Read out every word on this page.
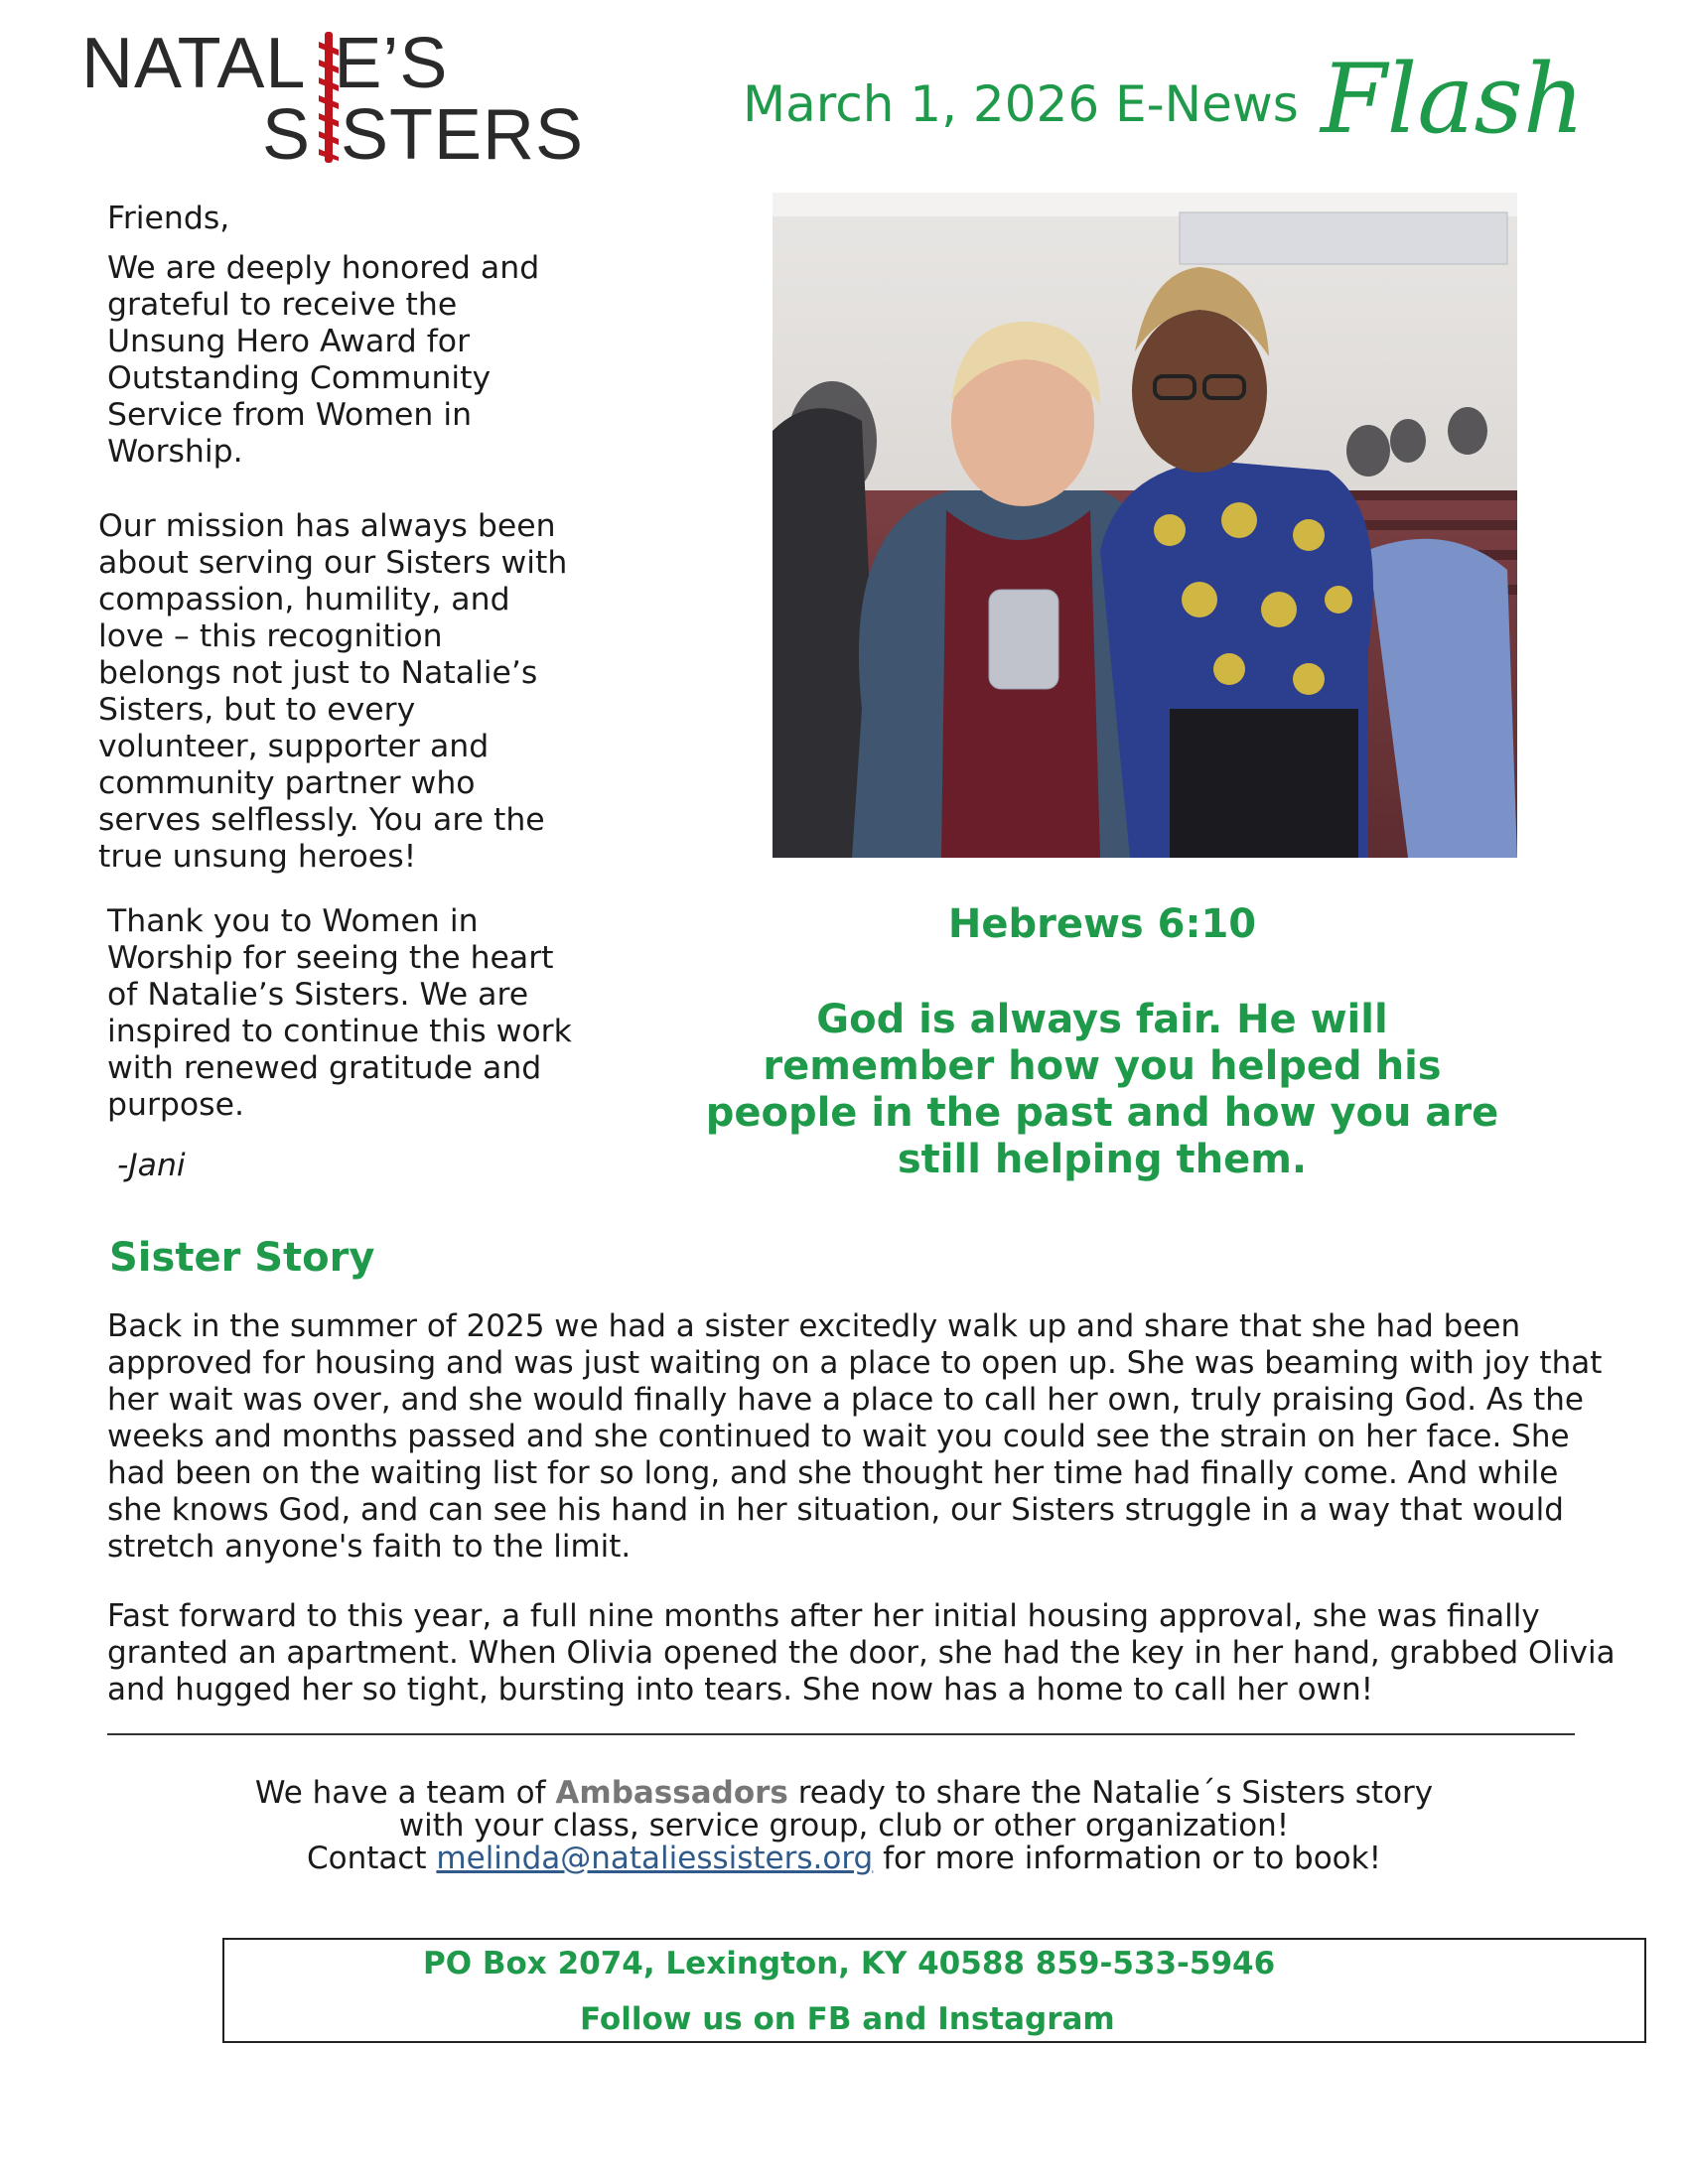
NATAL E’S
S STERS	March 1, 2026 E-News Flash
Friends,

We are deeply honored and grateful to receive the Unsung Hero Award for Outstanding Community Service from Women in Worship.

Our mission has always been about serving our Sisters with compassion, humility, and love – this recognition belongs not just to Natalie’s Sisters, but to every volunteer, supporter and community partner who serves selflessly. You are the true unsung heroes!

Thank you to Women in Worship for seeing the heart of Natalie’s Sisters. We are inspired to continue this work with renewed gratitude and purpose.

-Jani
Hebrews 6:10
God is always fair. He will remember how you helped his people in the past and how you are still helping them.
Sister Story

Back in the summer of 2025 we had a sister excitedly walk up and share that she had been approved for housing and was just waiting on a place to open up. She was beaming with joy that her wait was over, and she would finally have a place to call her own, truly praising God. As the weeks and months passed and she continued to wait you could see the strain on her face. She had been on the waiting list for so long, and she thought her time had finally come. And while she knows God, and can see his hand in her situation, our Sisters struggle in a way that would stretch anyone's faith to the limit.

Fast forward to this year, a full nine months after her initial housing approval, she was finally granted an apartment. When Olivia opened the door, she had the key in her hand, grabbed Olivia and hugged her so tight, bursting into tears. She now has a home to call her own!

We have a team of Ambassadors ready to share the Natalie´s Sisters story
with your class, service group, club or other organization!
Contact melinda@nataliessisters.org for more information or to book!
PO Box 2074, Lexington, KY 40588 859-533-5946
Follow us on FB and Instagram
